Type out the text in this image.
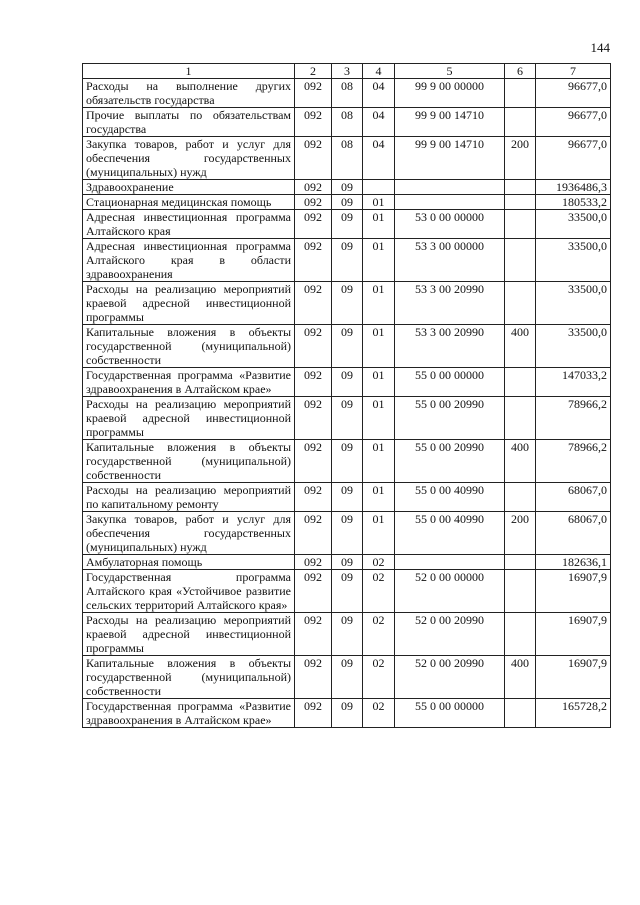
144
1	2	3	4	5	6	7
Расходы на выполнение других обязательств государства	092	08	04	99 9 00 00000		96677,0
Прочие выплаты по обязательствам государства	092	08	04	99 9 00 14710		96677,0
Закупка товаров, работ и услуг для обеспечения государственных (муниципальных) нужд	092	08	04	99 9 00 14710	200	96677,0
Здравоохранение	092	09				1936486,3
Стационарная медицинская помощь	092	09	01			180533,2
Адресная инвестиционная программа Алтайского края	092	09	01	53 0 00 00000		33500,0
Адресная инвестиционная программа Алтайского края в области здравоохранения	092	09	01	53 3 00 00000		33500,0
Расходы на реализацию мероприятий краевой адресной инвестиционной программы	092	09	01	53 3 00 20990		33500,0
Капитальные вложения в объекты государственной (муниципальной) собственности	092	09	01	53 3 00 20990	400	33500,0
Государственная программа «Развитие здравоохранения в Алтайском крае»	092	09	01	55 0 00 00000		147033,2
Расходы на реализацию мероприятий краевой адресной инвестиционной программы	092	09	01	55 0 00 20990		78966,2
Капитальные вложения в объекты государственной (муниципальной) собственности	092	09	01	55 0 00 20990	400	78966,2
Расходы на реализацию мероприятий по капитальному ремонту	092	09	01	55 0 00 40990		68067,0
Закупка товаров, работ и услуг для обеспечения государственных (муниципальных) нужд	092	09	01	55 0 00 40990	200	68067,0
Амбулаторная помощь	092	09	02			182636,1
Государственная программа Алтайского края «Устойчивое развитие сельских территорий Алтайского края»	092	09	02	52 0 00 00000		16907,9
Расходы на реализацию мероприятий краевой адресной инвестиционной программы	092	09	02	52 0 00 20990		16907,9
Капитальные вложения в объекты государственной (муниципальной) собственности	092	09	02	52 0 00 20990	400	16907,9
Государственная программа «Развитие здравоохранения в Алтайском крае»	092	09	02	55 0 00 00000		165728,2
